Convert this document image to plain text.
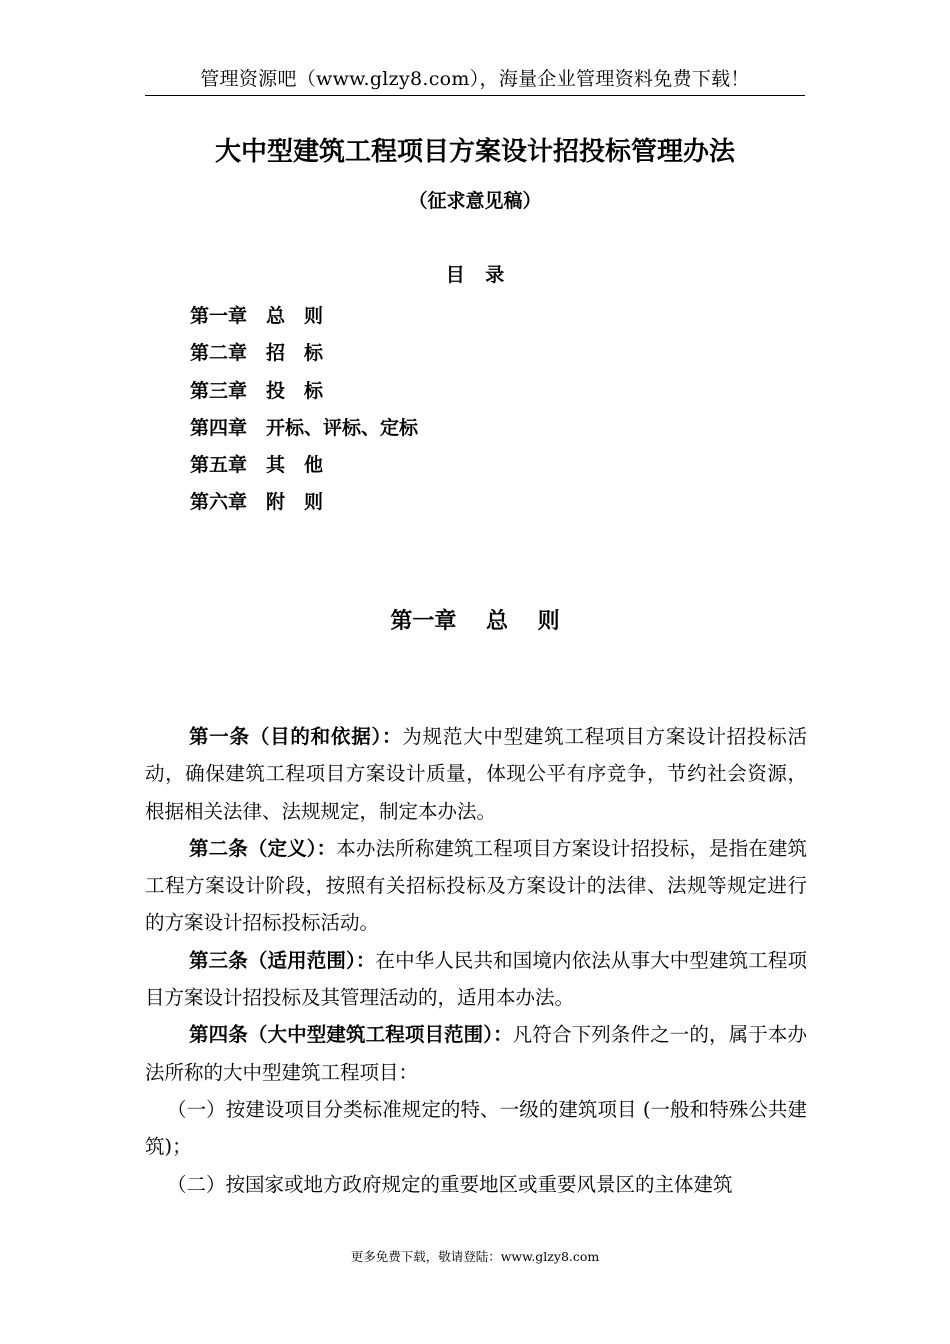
管理资源吧（www.glzy8.com），海量企业管理资料免费下载！
大中型建筑工程项目方案设计招投标管理办法
（征求意见稿）
目 录
第一章　总　则
第二章　招　标
第三章　投　标
第四章　开标、评标、定标
第五章　其　他
第六章　附　则
第一章　 总　 则

第一条（目的和依据）：为规范大中型建筑工程项目方案设计招投标活动，确保建筑工程项目方案设计质量，体现公平有序竞争，节约社会资源，根据相关法律、法规规定，制定本办法。

第二条（定义）：本办法所称建筑工程项目方案设计招投标，是指在建筑工程方案设计阶段，按照有关招标投标及方案设计的法律、法规等规定进行的方案设计招标投标活动。

第三条（适用范围）：在中华人民共和国境内依法从事大中型建筑工程项目方案设计招投标及其管理活动的，适用本办法。

第四条（大中型建筑工程项目范围）：凡符合下列条件之一的，属于本办法所称的大中型建筑工程项目：

（一）按建设项目分类标准规定的特、一级的建筑项目 (一般和特殊公共建筑)；

（二）按国家或地方政府规定的重要地区或重要风景区的主体建筑

更多免费下载，敬请登陆：www.glzy8.com
